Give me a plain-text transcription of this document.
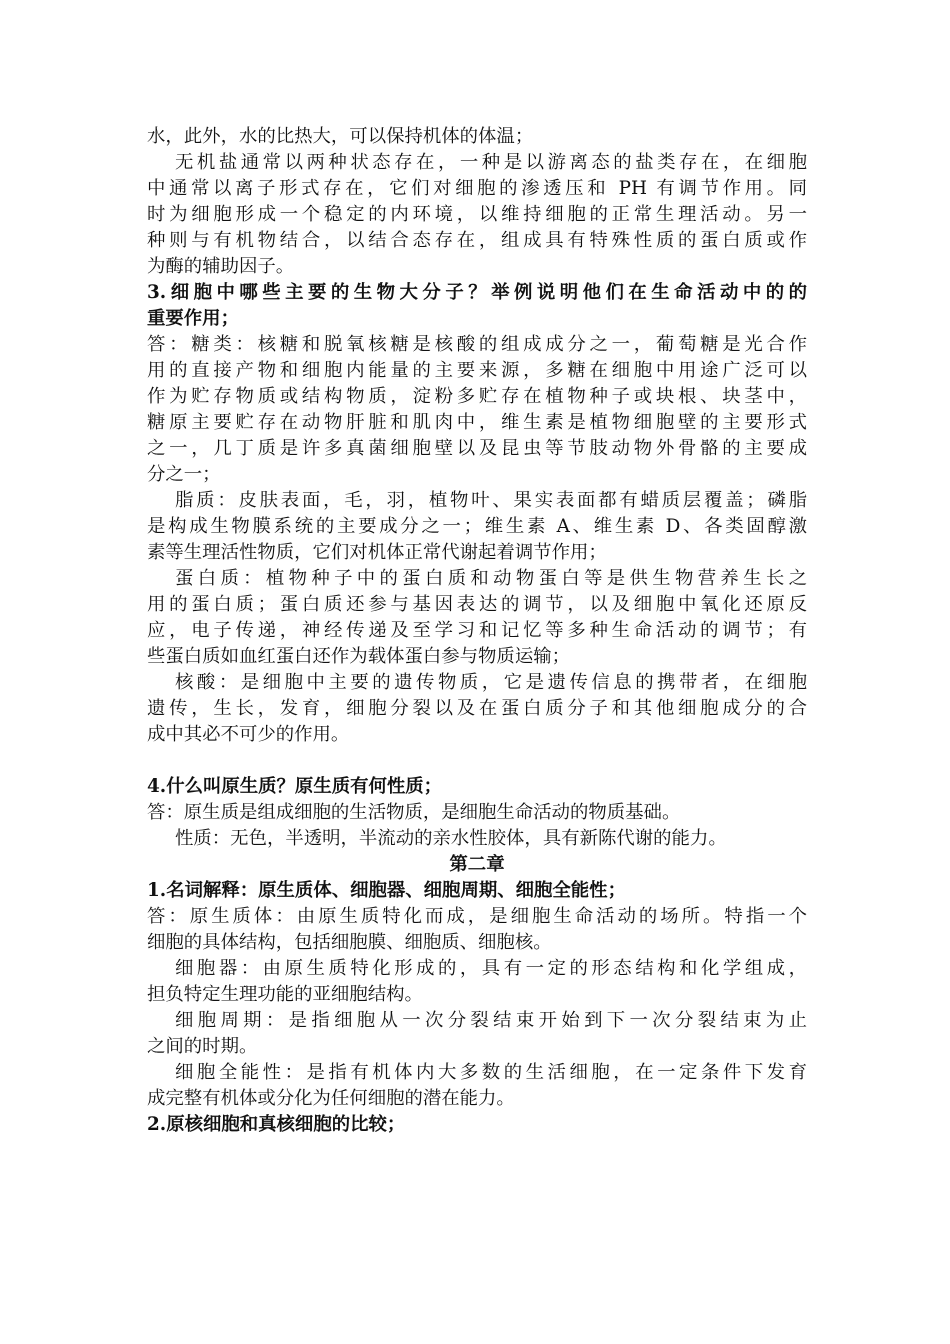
水，此外，水的比热大，可以保持机体的体温；
无机盐通常以两种状态存在，一种是以游离态的盐类存在，在细胞
中通常以离子形式存在，它们对细胞的渗透压和 PH 有调节作用。同
时为细胞形成一个稳定的内环境，以维持细胞的正常生理活动。另一
种则与有机物结合，以结合态存在，组成具有特殊性质的蛋白质或作
为酶的辅助因子。
3.细胞中哪些主要的生物大分子？举例说明他们在生命活动中的的
重要作用；
答：糖类：核糖和脱氧核糖是核酸的组成成分之一，葡萄糖是光合作
用的直接产物和细胞内能量的主要来源，多糖在细胞中用途广泛可以
作为贮存物质或结构物质，淀粉多贮存在植物种子或块根、块茎中，
糖原主要贮存在动物肝脏和肌肉中，维生素是植物细胞壁的主要形式
之一，几丁质是许多真菌细胞壁以及昆虫等节肢动物外骨骼的主要成
分之一；
脂质：皮肤表面，毛，羽，植物叶、果实表面都有蜡质层覆盖；磷脂
是构成生物膜系统的主要成分之一；维生素 A、维生素 D、各类固醇激
素等生理活性物质，它们对机体正常代谢起着调节作用；
蛋白质：植物种子中的蛋白质和动物蛋白等是供生物营养生长之
用的蛋白质；蛋白质还参与基因表达的调节，以及细胞中氧化还原反
应，电子传递，神经传递及至学习和记忆等多种生命活动的调节；有
些蛋白质如血红蛋白还作为载体蛋白参与物质运输；
核酸：是细胞中主要的遗传物质，它是遗传信息的携带者，在细胞
遗传，生长，发育，细胞分裂以及在蛋白质分子和其他细胞成分的合
成中其必不可少的作用。
4.什么叫原生质？原生质有何性质；
答：原生质是组成细胞的生活物质，是细胞生命活动的物质基础。
性质：无色，半透明，半流动的亲水性胶体，具有新陈代谢的能力。
第二章
1.名词解释：原生质体、细胞器、细胞周期、细胞全能性；
答：原生质体：由原生质特化而成，是细胞生命活动的场所。特指一个
细胞的具体结构，包括细胞膜、细胞质、细胞核。
细胞器：由原生质特化形成的，具有一定的形态结构和化学组成，
担负特定生理功能的亚细胞结构。
细胞周期：是指细胞从一次分裂结束开始到下一次分裂结束为止
之间的时期。
细胞全能性：是指有机体内大多数的生活细胞，在一定条件下发育
成完整有机体或分化为任何细胞的潜在能力。
2.原核细胞和真核细胞的比较；
